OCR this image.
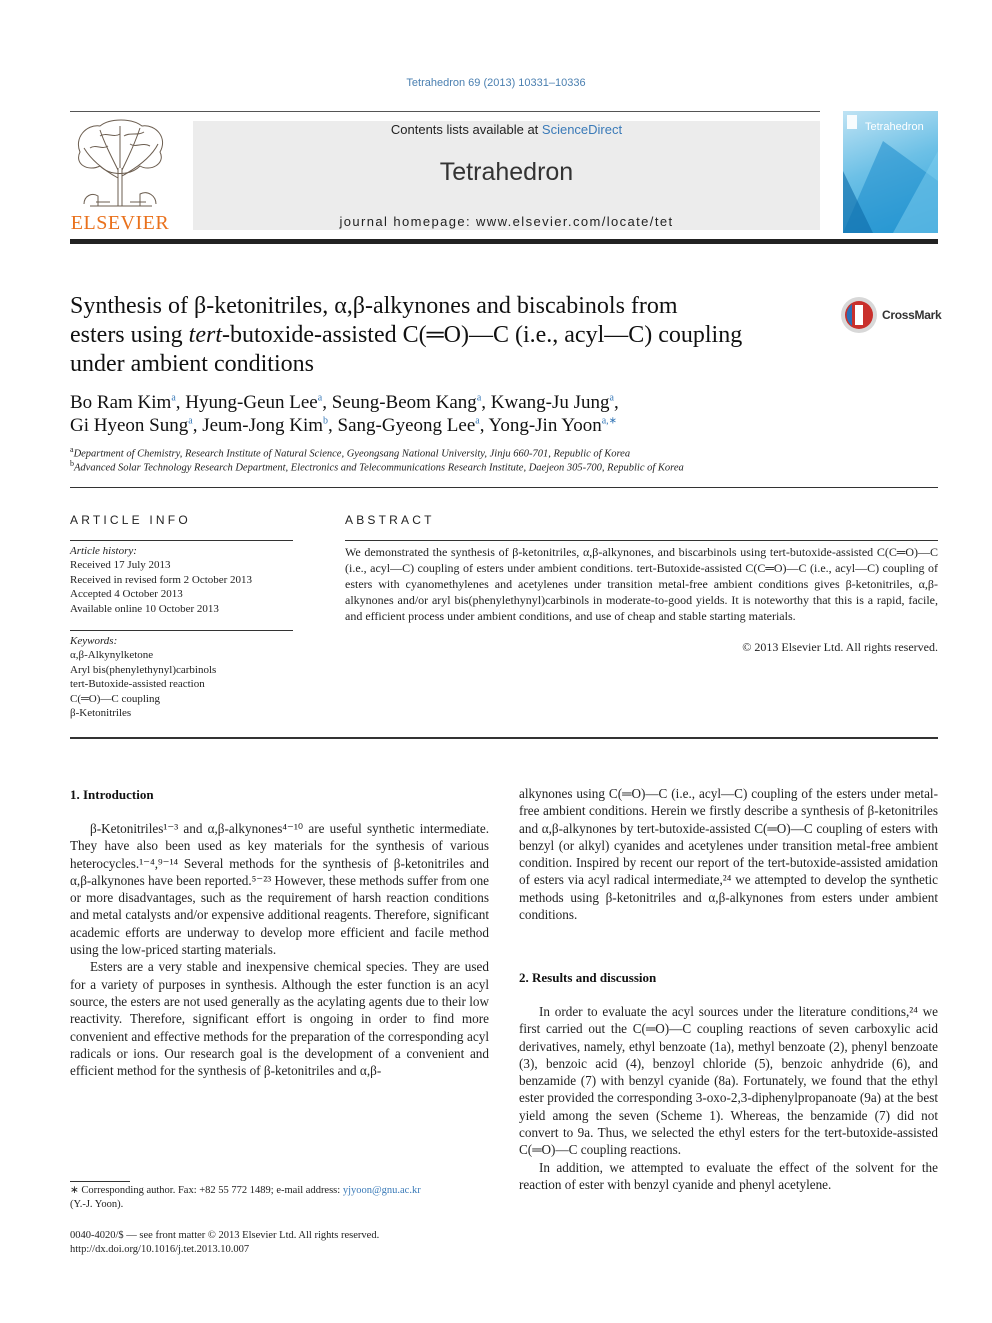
Tetrahedron 69 (2013) 10331–10336
ELSEVIER
Contents lists available at ScienceDirect
Tetrahedron
journal homepage: www.elsevier.com/locate/tet
Tetrahedron
Synthesis of β-ketonitriles, α,β-alkynones and biscabinols from
esters using tert-butoxide-assisted C(═O)—C (i.e., acyl—C) coupling
under ambient conditions
CrossMark
Bo Ram Kim$^a$, Hyung-Geun Lee$^a$, Seung-Beom Kang$^a$, Kwang-Ju Jung$^a$,
Gi Hyeon Sung$^a$, Jeum-Jong Kim$^b$, Sang-Gyeong Lee$^a$, Yong-Jin Yoon$^{a,∗}$
$^a$Department of Chemistry, Research Institute of Natural Science, Gyeongsang National University, Jinju 660-701, Republic of Korea
$^b$Advanced Solar Technology Research Department, Electronics and Telecommunications Research Institute, Daejeon 305-700, Republic of Korea
ARTICLE INFO
Article history:
Received 17 July 2013
Received in revised form 2 October 2013
Accepted 4 October 2013
Available online 10 October 2013
Keywords:
α,β-Alkynylketone
Aryl bis(phenylethynyl)carbinols
tert-Butoxide-assisted reaction
C(═O)—C coupling
β-Ketonitriles
ABSTRACT
We demonstrated the synthesis of β-ketonitriles, α,β-alkynones, and biscarbinols using tert-butoxide-assisted C(C═O)—C (i.e., acyl—C) coupling of esters under ambient conditions. tert-Butoxide-assisted C(C═O)—C (i.e., acyl—C) coupling of esters with cyanomethylenes and acetylenes under transition metal-free ambient conditions gives β-ketonitriles, α,β-alkynones and/or aryl bis(phenylethynyl)carbinols in moderate-to-good yields. It is noteworthy that this is a rapid, facile, and efficient process under ambient conditions, and use of cheap and stable starting materials.
© 2013 Elsevier Ltd. All rights reserved.
1. Introduction

β-Ketonitriles¹⁻³ and α,β-alkynones⁴⁻¹⁰ are useful synthetic intermediate. They have also been used as key materials for the synthesis of various heterocycles.¹⁻⁴,⁹⁻¹⁴ Several methods for the synthesis of β-ketonitriles and α,β-alkynones have been reported.⁵⁻²³ However, these methods suffer from one or more disadvantages, such as the requirement of harsh reaction conditions and metal catalysts and/or expensive additional reagents. Therefore, significant academic efforts are underway to develop more efficient and facile method using the low-priced starting materials.

Esters are a very stable and inexpensive chemical species. They are used for a variety of purposes in synthesis. Although the ester function is an acyl source, the esters are not used generally as the acylating agents due to their low reactivity. Therefore, significant effort is ongoing in order to find more convenient and effective methods for the preparation of the corresponding acyl radicals or ions. Our research goal is the development of a convenient and efficient method for the synthesis of β-ketonitriles and α,β-

alkynones using C(═O)—C (i.e., acyl—C) coupling of the esters under metal-free ambient conditions. Herein we firstly describe a synthesis of β-ketonitriles and α,β-alkynones by tert-butoxide-assisted C(═O)—C coupling of esters with benzyl (or alkyl) cyanides and acetylenes under transition metal-free ambient condition. Inspired by recent our report of the tert-butoxide-assisted amidation of esters via acyl radical intermediate,²⁴ we attempted to develop the synthetic methods using β-ketonitriles and α,β-alkynones from esters under ambient conditions.

2. Results and discussion

In order to evaluate the acyl sources under the literature conditions,²⁴ we first carried out the C(═O)—C coupling reactions of seven carboxylic acid derivatives, namely, ethyl benzoate (1a), methyl benzoate (2), phenyl benzoate (3), benzoic acid (4), benzoyl chloride (5), benzoic anhydride (6), and benzamide (7) with benzyl cyanide (8a). Fortunately, we found that the ethyl ester provided the corresponding 3-oxo-2,3-diphenylpropanoate (9a) at the best yield among the seven (Scheme 1). Whereas, the benzamide (7) did not convert to 9a. Thus, we selected the ethyl esters for the tert-butoxide-assisted C(═O)—C coupling reactions.

In addition, we attempted to evaluate the effect of the solvent for the reaction of ester with benzyl cyanide and phenyl acetylene.

∗ Corresponding author. Fax: +82 55 772 1489; e-mail address: yjyoon@gnu.ac.kr
(Y.-J. Yoon).
0040-4020/$ — see front matter © 2013 Elsevier Ltd. All rights reserved.
http://dx.doi.org/10.1016/j.tet.2013.10.007
